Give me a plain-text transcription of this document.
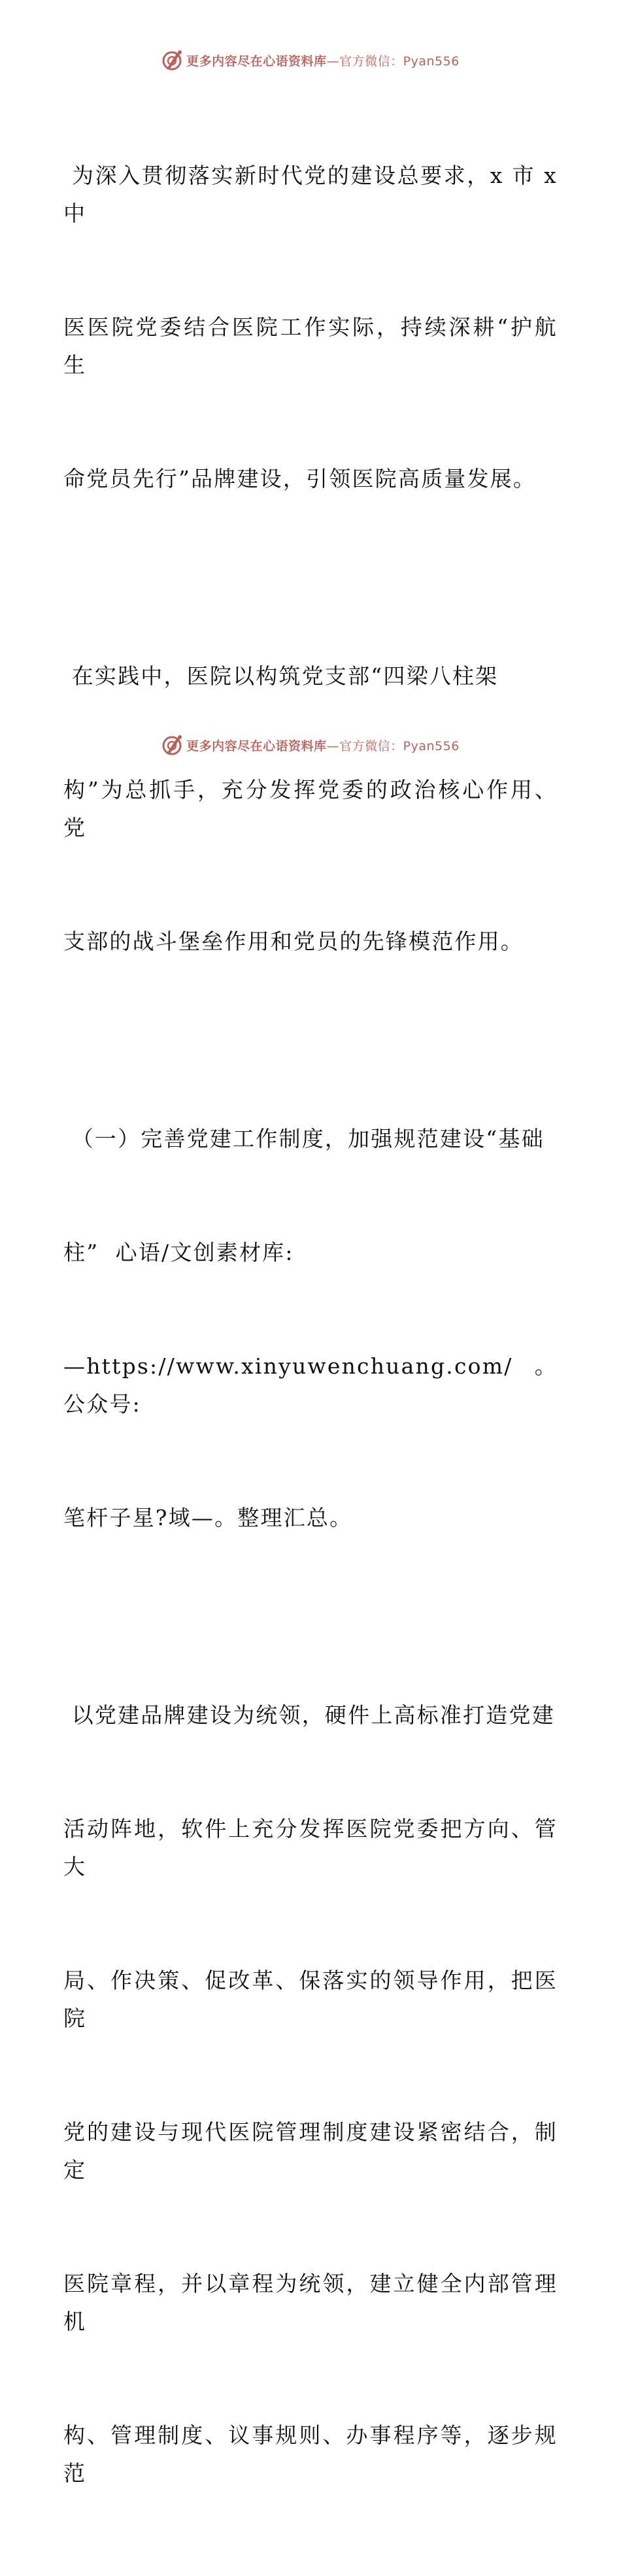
更多内容尽在心语资料库—官方微信：Pyan556

为深入贯彻落实新时代党的建设总要求，x 市 x 中

医医院党委结合医院工作实际，持续深耕“护航生

命党员先行”品牌建设，引领医院高质量发展。

在实践中，医院以构筑党支部“四梁八柱架

构”为总抓手，充分发挥党委的政治核心作用、党

支部的战斗堡垒作用和党员的先锋模范作用。

（一）完善党建工作制度，加强规范建设“基础

柱”  心语/文创素材库:

—https://www.xinyuwenchuang.com/。公众号:

笔杆子星?域—。整理汇总。

以党建品牌建设为统领，硬件上高标准打造党建

活动阵地，软件上充分发挥医院党委把方向、管大

局、作决策、促改革、保落实的领导作用，把医院

党的建设与现代医院管理制度建设紧密结合，制定

医院章程，并以章程为统领，建立健全内部管理机

构、管理制度、议事规则、办事程序等，逐步规范

更多内容尽在心语资料库—官方微信：Pyan556
